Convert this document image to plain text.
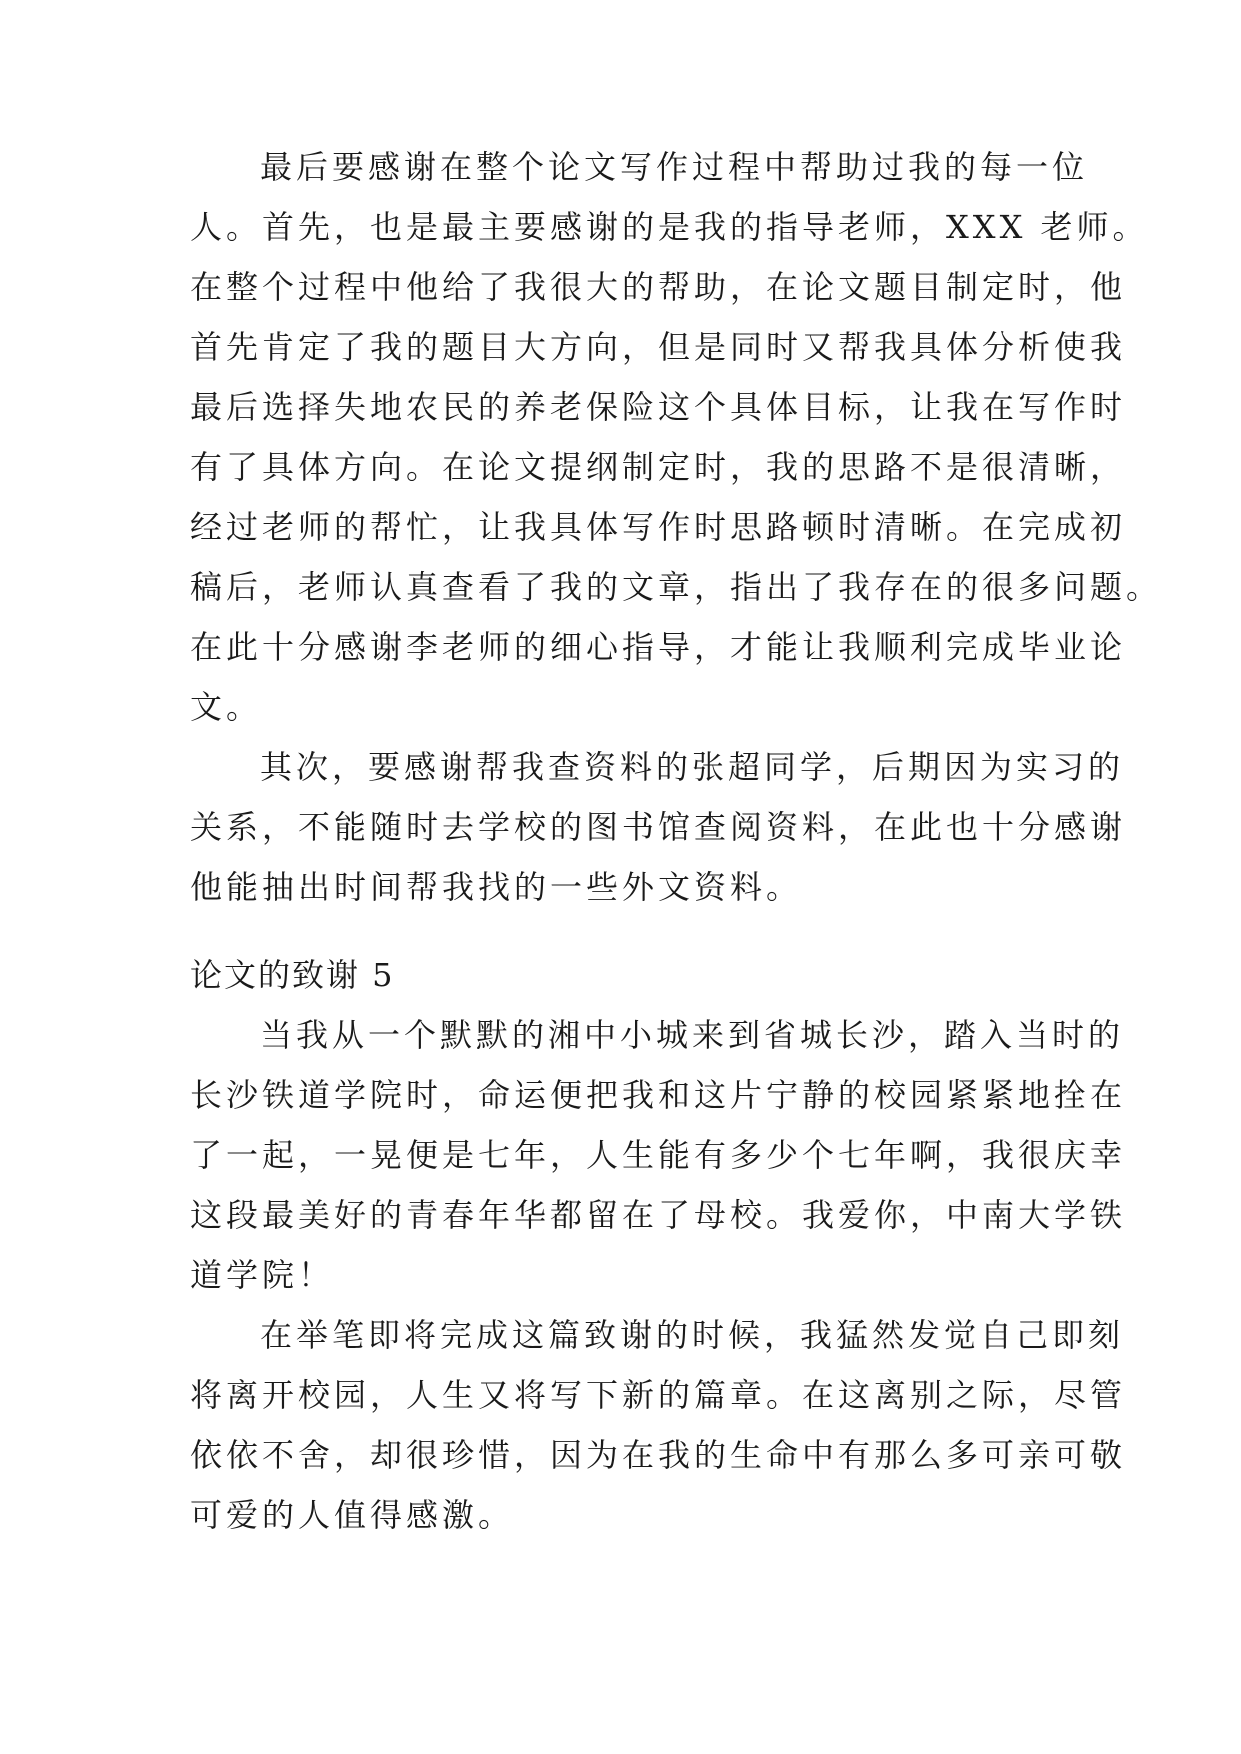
最后要感谢在整个论文写作过程中帮助过我的每一位
人。首先，也是最主要感谢的是我的指导老师，XXX 老师。
在整个过程中他给了我很大的帮助，在论文题目制定时，他
首先肯定了我的题目大方向，但是同时又帮我具体分析使我
最后选择失地农民的养老保险这个具体目标，让我在写作时
有了具体方向。在论文提纲制定时，我的思路不是很清晰，
经过老师的帮忙，让我具体写作时思路顿时清晰。在完成初
稿后，老师认真查看了我的文章，指出了我存在的很多问题。
在此十分感谢李老师的细心指导，才能让我顺利完成毕业论
文。
其次，要感谢帮我查资料的张超同学，后期因为实习的
关系，不能随时去学校的图书馆查阅资料，在此也十分感谢
他能抽出时间帮我找的一些外文资料。
论文的致谢 5
当我从一个默默的湘中小城来到省城长沙，踏入当时的
长沙铁道学院时，命运便把我和这片宁静的校园紧紧地拴在
了一起，一晃便是七年，人生能有多少个七年啊，我很庆幸
这段最美好的青春年华都留在了母校。我爱你，中南大学铁
道学院！
在举笔即将完成这篇致谢的时候，我猛然发觉自己即刻
将离开校园，人生又将写下新的篇章。在这离别之际，尽管
依依不舍，却很珍惜，因为在我的生命中有那么多可亲可敬
可爱的人值得感激。
